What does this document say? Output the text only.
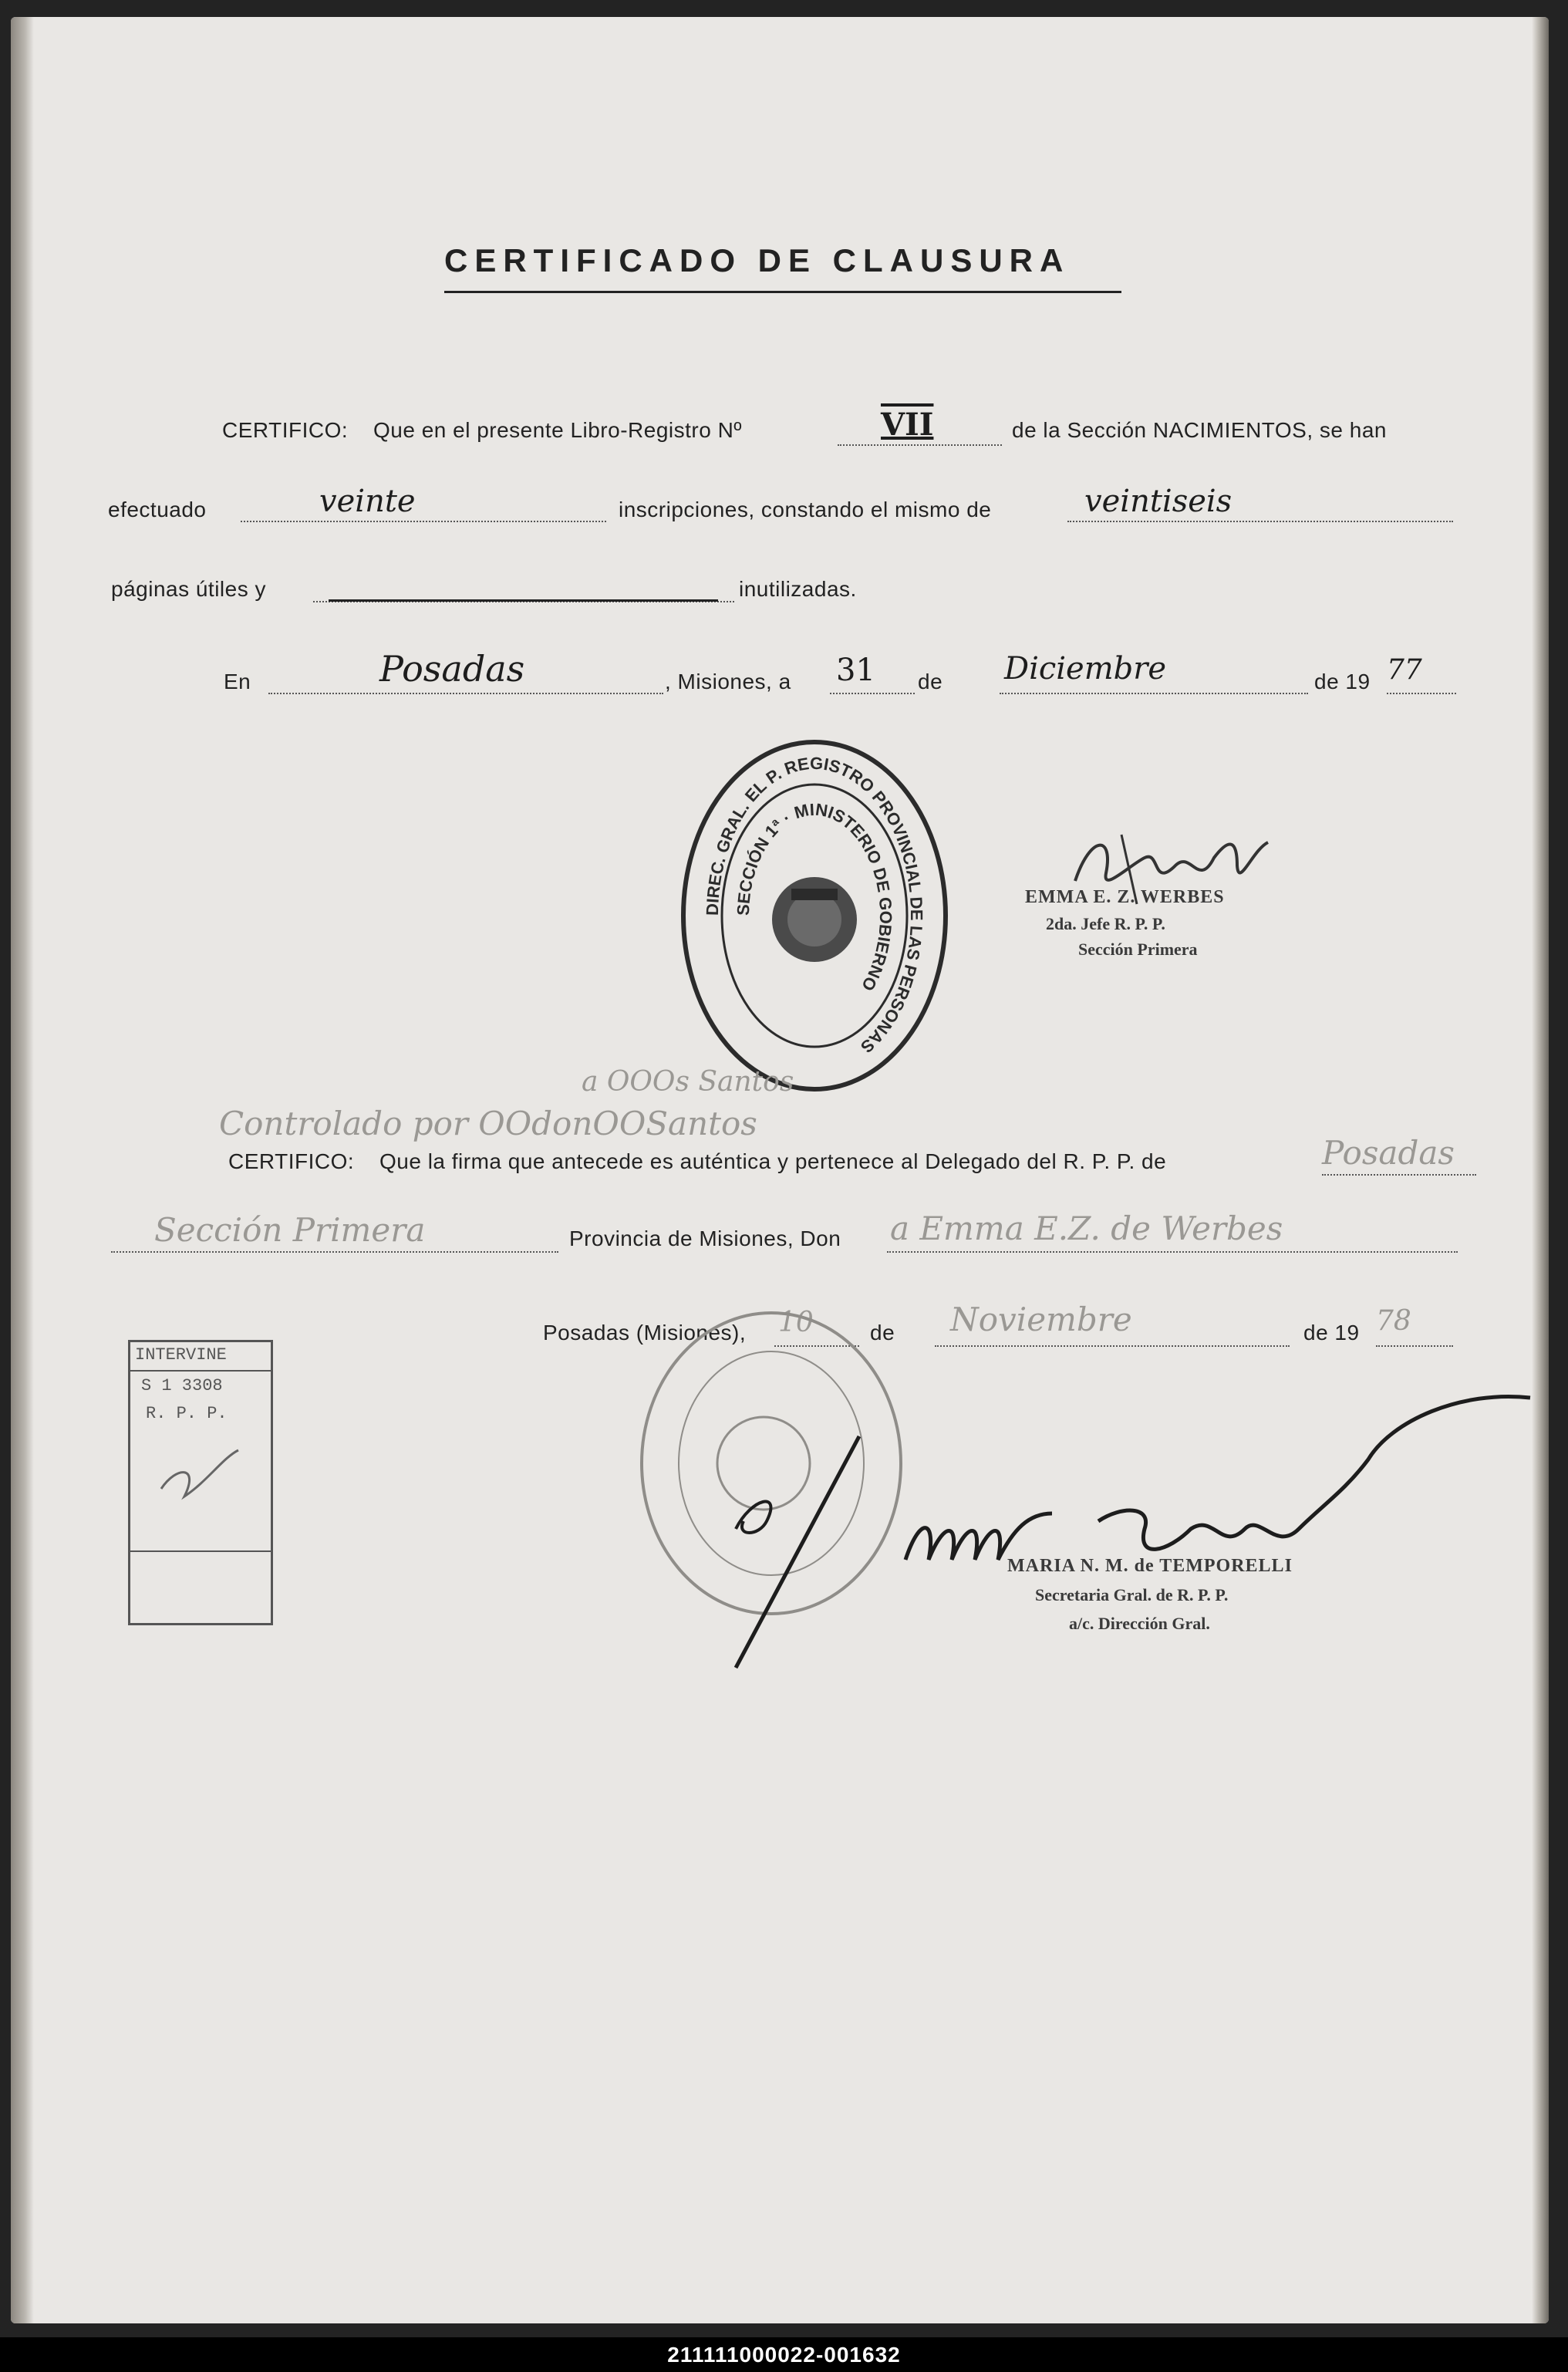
CERTIFICADO DE CLAUSURA
CERTIFICO: Que en el presente Libro-Registro Nº	VII	de la Sección NACIMIENTOS, se han
efectuado	veinte	inscripciones, constando el mismo de	veintiseis
páginas útiles y	inutilizadas.
En	Posadas	, Misiones, a 31 de Diciembre	de 19 77
DIREC. GRAL. EL P. REGISTRO PROVINCIAL DE LAS PERSONAS
SECCIÓN 1ª · MINISTERIO DE GOBIERNO
EMMA E. Z. WERBES
2da. Jefe R. P. P.
Sección Primera
a OOOs Santos
Controlado por OOdonOOSantos
CERTIFICO: Que la firma que antecede es auténtica y pertenece al Delegado del R. P. P. de	Posadas
Sección Primera	Provincia de Misiones, Don a Emma E.Z. de Werbes
Posadas (Misiones), 10	de Noviembre	de 19 78
INTERVINE
S 1 3308
R. P. P.
MARIA N. M. de TEMPORELLI
Secretaria Gral. de R. P. P.
a/c. Dirección Gral.
211111000022-001632
